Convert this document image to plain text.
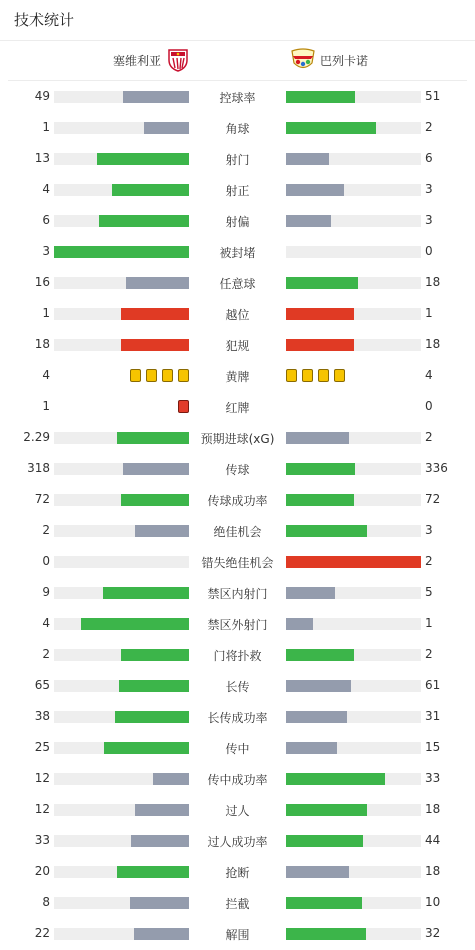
技术统计
塞维利亚	巴列卡诺
49	控球率	51
1	角球	2
13	射门	6
4	射正	3
6	射偏	3
3	被封堵	0
16	任意球	18
1	越位	1
18	犯规	18
4	黄牌	4
1	红牌	0
2.29	预期进球(xG)	2
318	传球	336
72	传球成功率	72
2	绝佳机会	3
0	错失绝佳机会	2
9	禁区内射门	5
4	禁区外射门	1
2	门将扑救	2
65	长传	61
38	长传成功率	31
25	传中	15
12	传中成功率	33
12	过人	18
33	过人成功率	44
20	抢断	18
8	拦截	10
22	解围	32
